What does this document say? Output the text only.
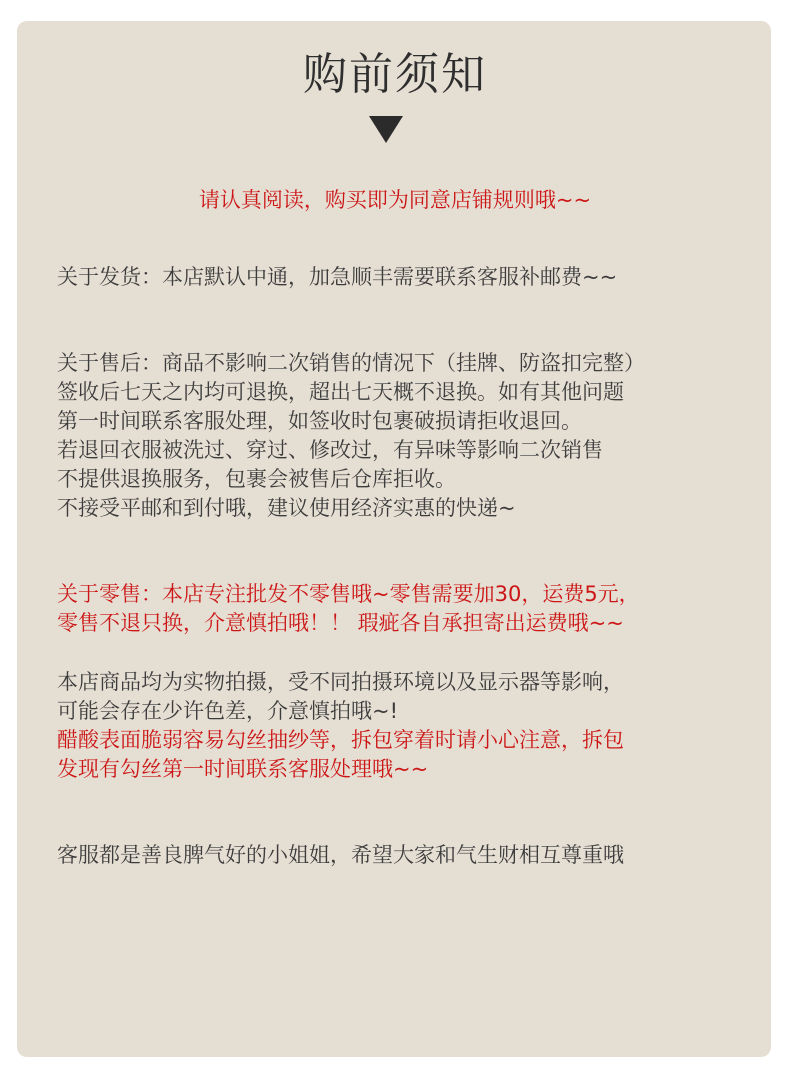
购前须知
请认真阅读，购买即为同意店铺规则哦~~
关于发货：本店默认中通，加急顺丰需要联系客服补邮费~~
关于售后：商品不影响二次销售的情况下（挂牌、防盗扣完整）
签收后七天之内均可退换，超出七天概不退换。如有其他问题
第一时间联系客服处理，如签收时包裹破损请拒收退回。
若退回衣服被洗过、穿过、修改过，有异味等影响二次销售
不提供退换服务，包裹会被售后仓库拒收。
不接受平邮和到付哦，建议使用经济实惠的快递~
关于零售：本店专注批发不零售哦~零售需要加30，运费5元，
零售不退只换，介意慎拍哦！！ 瑕疵各自承担寄出运费哦~~
本店商品均为实物拍摄，受不同拍摄环境以及显示器等影响，
可能会存在少许色差，介意慎拍哦~!
醋酸表面脆弱容易勾丝抽纱等，拆包穿着时请小心注意，拆包
发现有勾丝第一时间联系客服处理哦~~
客服都是善良脾气好的小姐姐，希望大家和气生财相互尊重哦
